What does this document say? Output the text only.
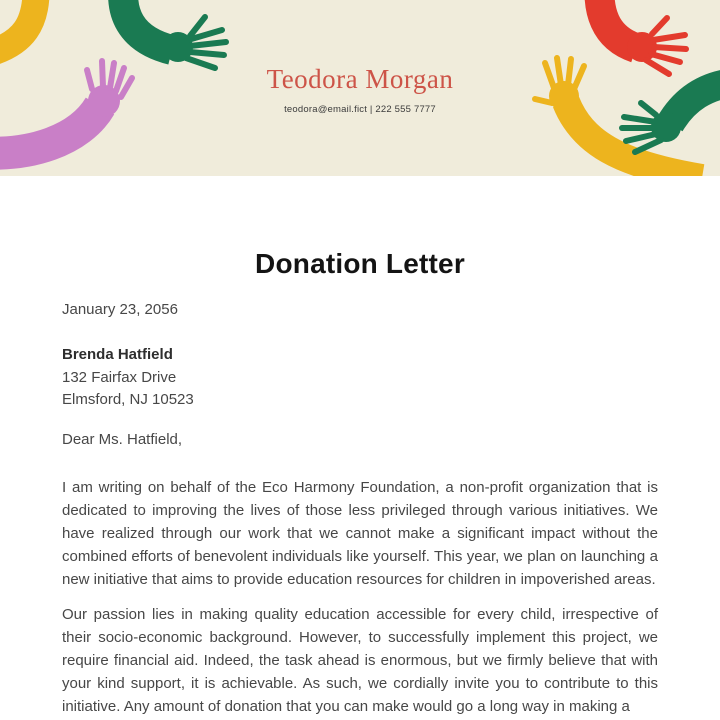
Teodora Morgan
teodora@email.fict | 222 555 7777
Donation Letter
January 23, 2056
Brenda Hatfield
132 Fairfax Drive
Elmsford, NJ 10523
Dear Ms. Hatfield,

I am writing on behalf of the Eco Harmony Foundation, a non-profit organization that is dedicated to improving the lives of those less privileged through various initiatives. We have realized through our work that we cannot make a significant impact without the combined efforts of benevolent individuals like yourself. This year, we plan on launching a new initiative that aims to provide education resources for children in impoverished areas.

Our passion lies in making quality education accessible for every child, irrespective of their socio-economic background. However, to successfully implement this project, we require financial aid. Indeed, the task ahead is enormous, but we firmly believe that with your kind support, it is achievable. As such, we cordially invite you to contribute to this initiative. Any amount of donation that you can make would go a long way in making a
